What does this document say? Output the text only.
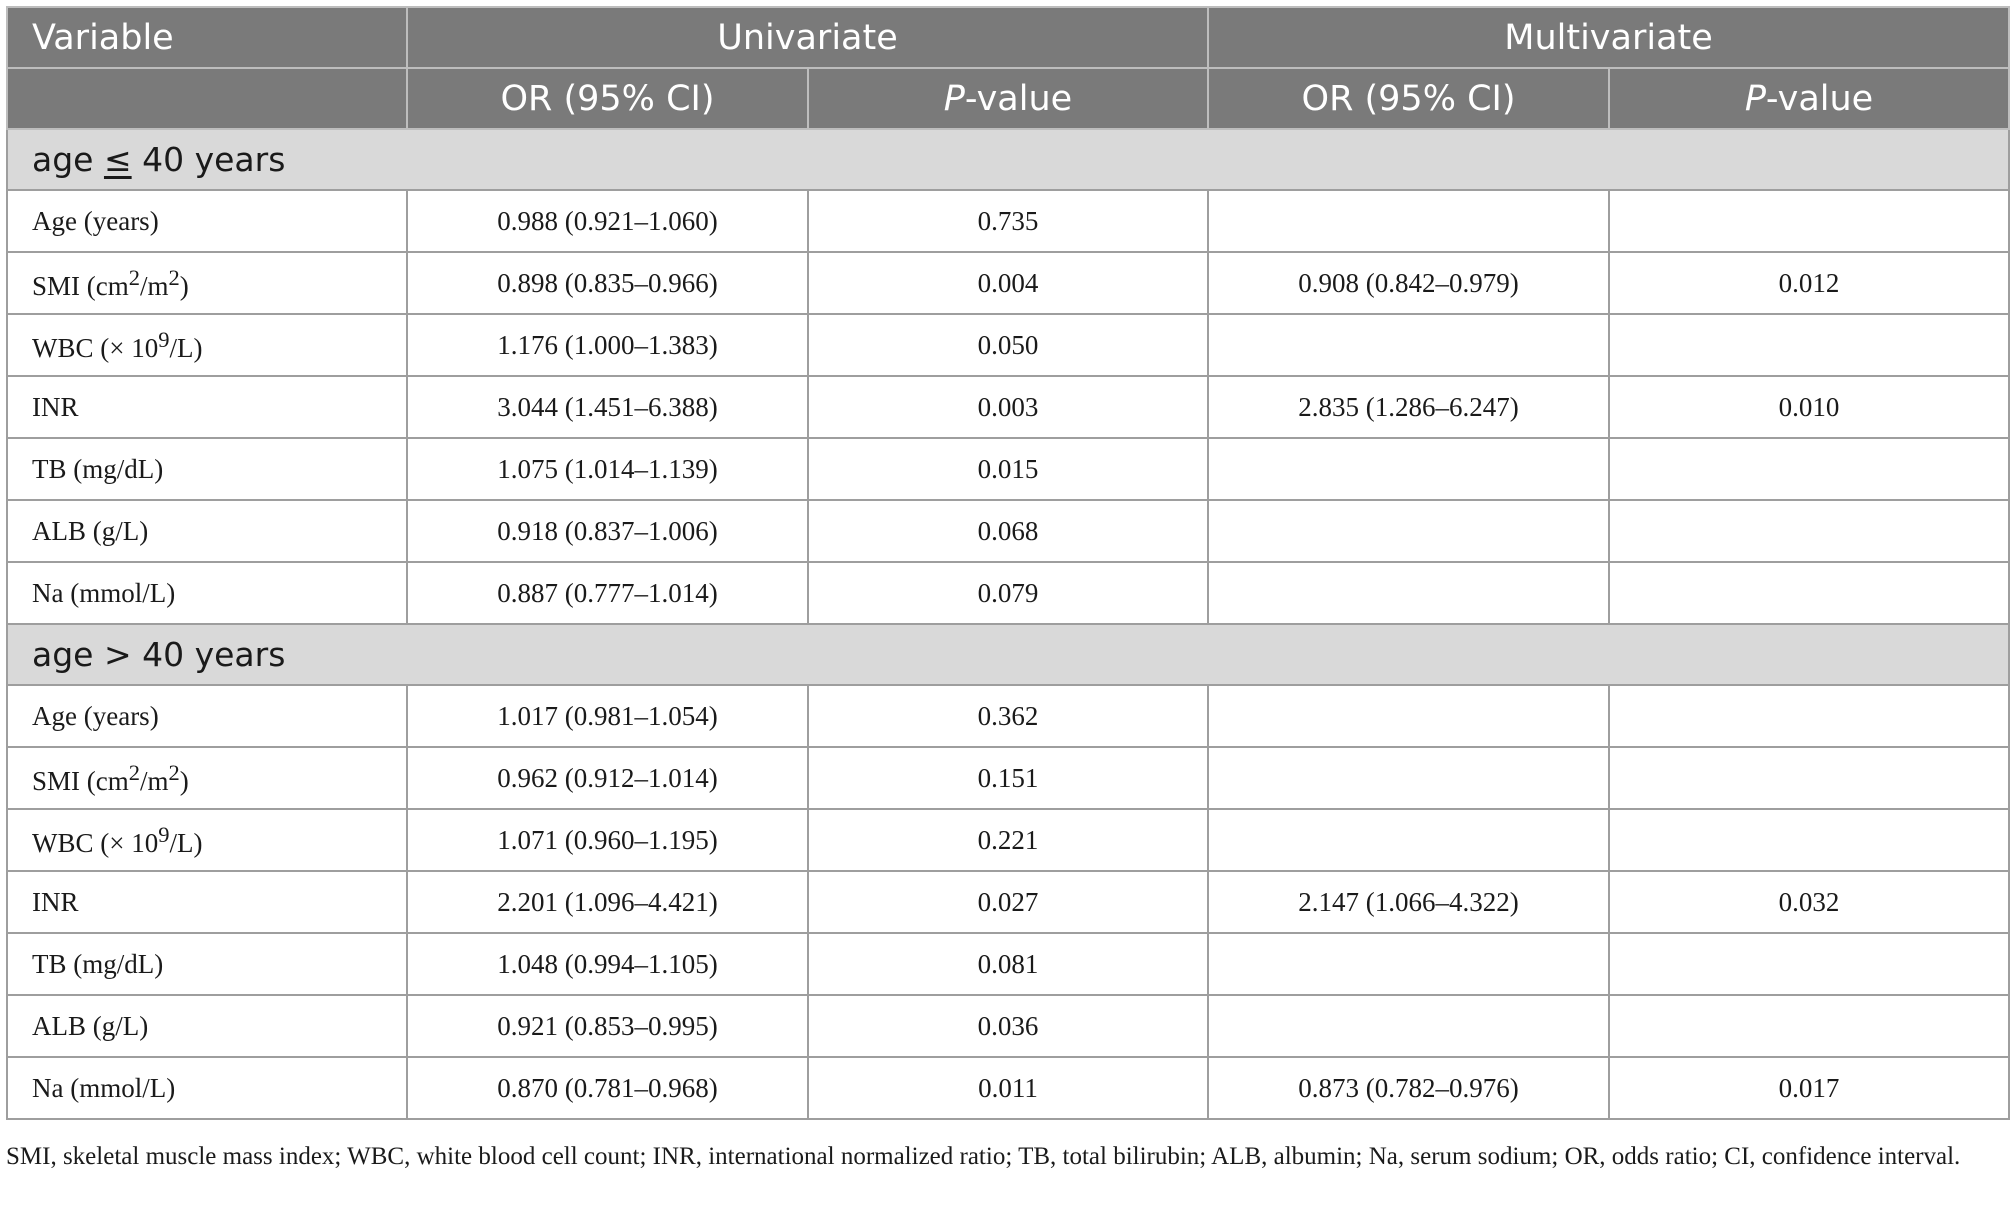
Variable	Univariate		Multivariate	
	OR (95% CI)	P-value	OR (95% CI)	P-value
age ≤ 40 years				
Age (years)	0.988 (0.921–1.060)	0.735		
SMI $(cm^2/m^2)$	0.898 (0.835–0.966)	0.004	0.908 (0.842–0.979)	0.012
WBC (× $10^9/L$)	1.176 (1.000–1.383)	0.050		
INR	3.044 (1.451–6.388)	0.003	2.835 (1.286–6.247)	0.010
TB (mg/dL)	1.075 (1.014–1.139)	0.015		
ALB (g/L)	0.918 (0.837–1.006)	0.068		
Na (mmol/L)	0.887 (0.777–1.014)	0.079		
age > 40 years				
Age (years)	1.017 (0.981–1.054)	0.362		
SMI $(cm^2/m^2)$	0.962 (0.912–1.014)	0.151		
WBC (× $10^9/L$)	1.071 (0.960–1.195)	0.221		
INR	2.201 (1.096–4.421)	0.027	2.147 (1.066–4.322)	0.032
TB (mg/dL)	1.048 (0.994–1.105)	0.081		
ALB (g/L)	0.921 (0.853–0.995)	0.036		
Na (mmol/L)	0.870 (0.781–0.968)	0.011	0.873 (0.782–0.976)	0.017

SMI, skeletal muscle mass index; WBC, white blood cell count; INR, international normalized ratio; TB, total bilirubin; ALB, albumin; Na, serum sodium; OR, odds ratio; CI, confidence interval.
